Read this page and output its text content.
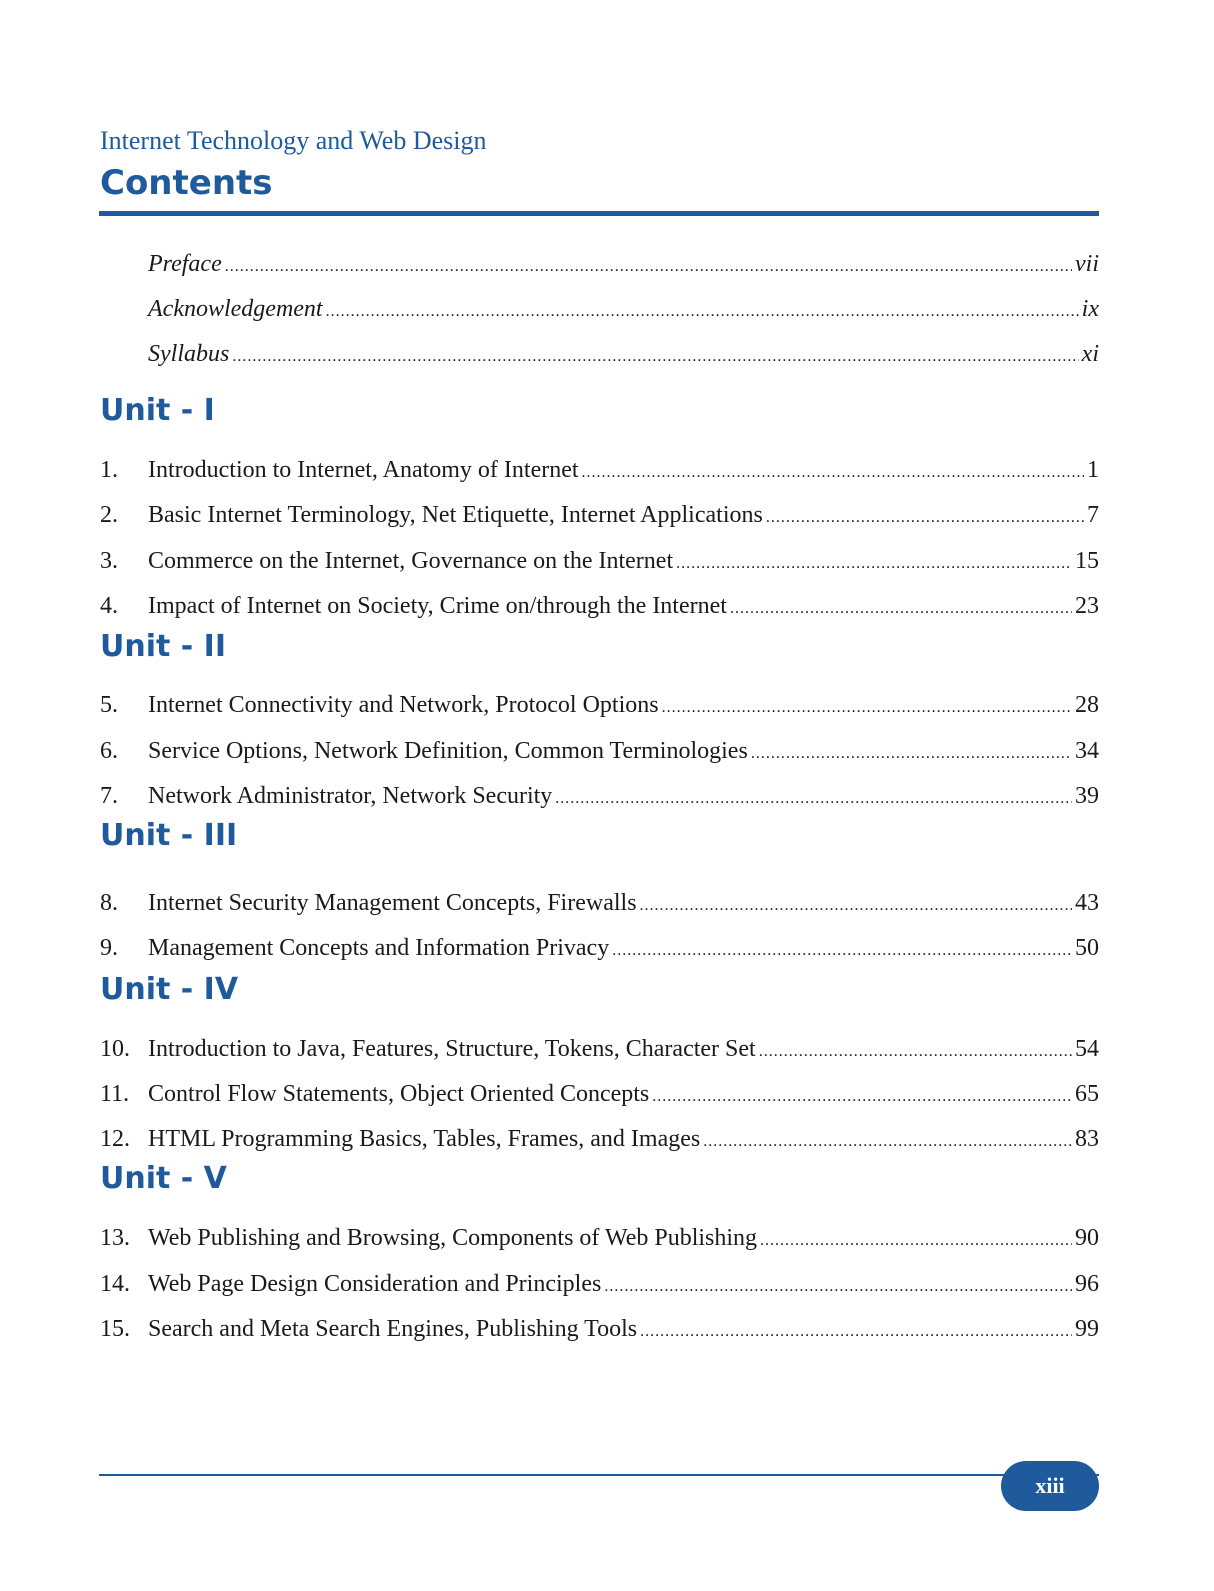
Internet Technology and Web Design
Contents
Preface .....	vii
Acknowledgement .....	ix
Syllabus .....	xi
Unit - I
1.	Introduction to Internet, Anatomy of Internet .....	1
2.	Basic Internet Terminology, Net Etiquette, Internet Applications .....	7
3.	Commerce on the Internet, Governance on the Internet .....	15
4.	Impact of Internet on Society, Crime on/through the Internet .....	23
Unit - II
5.	Internet Connectivity and Network, Protocol Options .....	28
6.	Service Options, Network Definition, Common Terminologies .....	34
7.	Network Administrator, Network Security .....	39
Unit - III
8.	Internet Security Management Concepts, Firewalls .....	43
9.	Management Concepts and Information Privacy .....	50
Unit - IV
10. Introduction to Java, Features, Structure, Tokens, Character Set .....	54
11. Control Flow Statements, Object Oriented Concepts .....	65
12. HTML Programming Basics, Tables, Frames, and Images .....	83
Unit - V
13. Web Publishing and Browsing, Components of Web Publishing .....	90
14. Web Page Design Consideration and Principles .....	96
15. Search and Meta Search Engines, Publishing Tools .....	99
xiii
